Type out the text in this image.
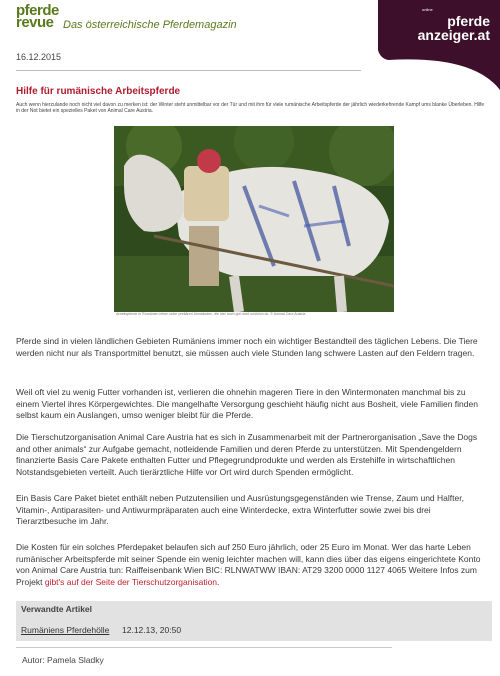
pferde
revue Das österreichische Pferdemagazin
online
pferde
anzeiger.at
16.12.2015
Hilfe für rumänische Arbeitspferde

Auch wenn hierzulande noch nicht viel davon zu merken ist: der Winter steht unmittelbar vor der Tür und mit ihm für viele rumänische Arbeitspferde der jährlich wiederkehrende Kampf ums blanke Überleben. Hilfe in der Not bietet ein spezielles Paket von Animal Care Austria.

Arbeitspferde in Rumänien leben unter prekären Umständen, die hier auch gut nicht unüblich ist. © Animal Care Austria

Pferde sind in vielen ländlichen Gebieten Rumäniens immer noch ein wichtiger Bestandteil des täglichen Lebens. Die Tiere werden nicht nur als Transportmittel benutzt, sie müssen auch viele Stunden lang schwere Lasten auf den Feldern tragen.

Weil oft viel zu wenig Futter vorhanden ist, verlieren die ohnehin mageren Tiere in den Wintermonaten manchmal bis zu einem Viertel ihres Körpergewichtes. Die mangelhafte Versorgung geschieht häufig nicht aus Bosheit, viele Familien finden selbst kaum ein Auslangen, umso weniger bleibt für die Pferde.

Die Tierschutzorganisation Animal Care Austria hat es sich in Zusammenarbeit mit der Partnerorganisation „Save the Dogs and other animals“ zur Aufgabe gemacht, notleidende Familien und deren Pferde zu unterstützen. Mit Spendengeldern finanzierte Basis Care Pakete enthalten Futter und Pflegegrundprodukte und werden als Erstehilfe in wirtschaftlichen Notstandsgebieten verteilt. Auch tierärztliche Hilfe vor Ort wird durch Spenden ermöglicht.

Ein Basis Care Paket bietet enthält neben Putzutensilien und Ausrüstungsgegenständen wie Trense, Zaum und Halfter, Vitamin-, Antiparasiten- und Antiwurmpräparaten auch eine Winterdecke, extra Winterfutter sowie zwei bis drei Tierarztbesuche im Jahr.

Die Kosten für ein solches Pferdepaket belaufen sich auf 250 Euro jährlich, oder 25 Euro im Monat. Wer das harte Leben rumänischer Arbeitspferde mit seiner Spende ein wenig leichter machen will, kann dies über das eigens eingerichtete Konto von Animal Care Austria tun: Raiffeisenbank Wien BIC: RLNWATWW IBAN: AT29 3200 0000 1127 4065 Weitere Infos zum Projekt gibt's auf der Seite der Tierschutzorganisation.

Verwandte Artikel
Rumäniens Pferdehölle 12.12.13, 20:50
Autor: Pamela Sladky
